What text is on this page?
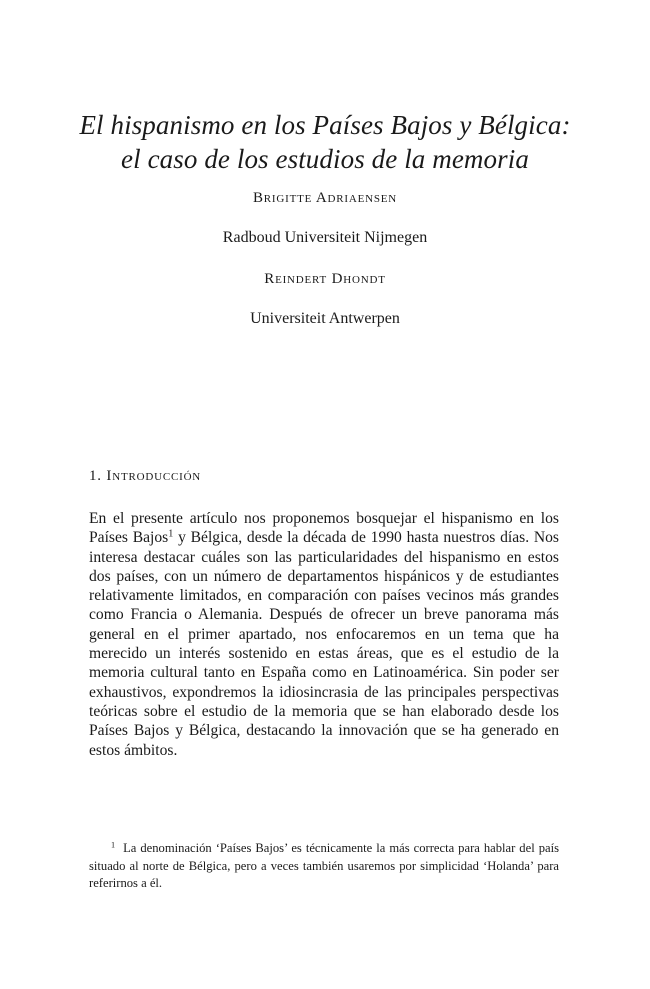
El hispanismo en los Países Bajos y Bélgica:
el caso de los estudios de la memoria

Brigitte Adriaensen

Radboud Universiteit Nijmegen

Reindert Dhondt

Universiteit Antwerpen

1. Introducción

En el presente artículo nos proponemos bosquejar el hispanismo en los Países Bajos$^1$ y Bélgica, desde la década de 1990 hasta nuestros días. Nos interesa destacar cuáles son las particularidades del hispanismo en estos dos países, con un número de departamentos hispánicos y de estudiantes relativamente limitados, en comparación con países vecinos más grandes como Francia o Alemania. Después de ofrecer un breve panorama más general en el primer apartado, nos enfocaremos en un tema que ha merecido un interés sostenido en estas áreas, que es el estudio de la memoria cultural tanto en España como en Latinoamérica. Sin poder ser exhaustivos, expondremos la idiosincrasia de las principales perspectivas teóricas sobre el estudio de la memoria que se han elaborado desde los Países Bajos y Bélgica, destacando la innovación que se ha generado en estos ámbitos.

$^1$ La denominación ‘Países Bajos’ es técnicamente la más correcta para hablar del país situado al norte de Bélgica, pero a veces también usaremos por simplicidad ‘Holanda’ para referirnos a él.
